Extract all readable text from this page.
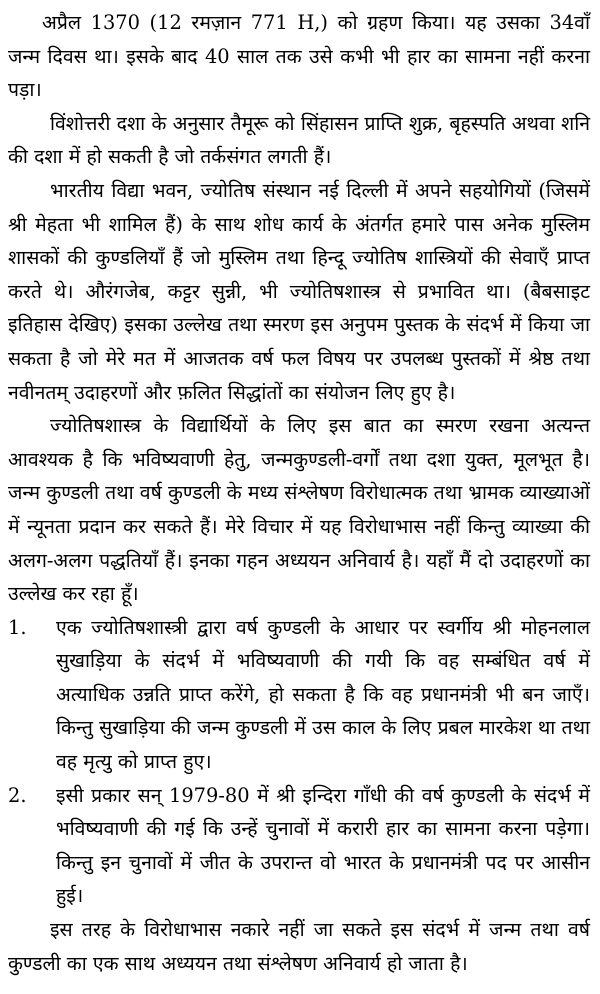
अप्रैल 1370 (12 रमज़ान 771 H,) को ग्रहण किया। यह उसका 34वाँ जन्म दिवस था। इसके बाद 40 साल तक उसे कभी भी हार का सामना नहीं करना पड़ा।

विंशोत्तरी दशा के अनुसार तैमूरू को सिंहासन प्राप्ति शुक्र, बृहस्पति अथवा शनि की दशा में हो सकती है जो तर्कसंगत लगती हैं।

भारतीय विद्या भवन, ज्योतिष संस्थान नई दिल्ली में अपने सहयोगियों (जिसमें श्री मेहता भी शामिल हैं) के साथ शोध कार्य के अंतर्गत हमारे पास अनेक मुस्लिम शासकों की कुण्डलियाँ हैं जो मुस्लिम तथा हिन्दू ज्योतिष शास्त्रियों की सेवाएँ प्राप्त करते थे। औरंगजेब, कट्टर सुन्नी, भी ज्योतिषशास्त्र से प्रभावित था। (बैबसाइट इतिहास देखिए) इसका उल्लेख तथा स्मरण इस अनुपम पुस्तक के संदर्भ में किया जा सकता है जो मेरे मत में आजतक वर्ष फल विषय पर उपलब्ध पुस्तकों में श्रेष्ठ तथा नवीनतम् उदाहरणों और फ़लित सिद्धांतों का संयोजन लिए हुए है।

ज्योतिषशास्त्र के विद्यार्थियों के लिए इस बात का स्मरण रखना अत्यन्त आवश्यक है कि भविष्यवाणी हेतु, जन्मकुण्डली-वर्गों तथा दशा युक्त, मूलभूत है। जन्म कुण्डली तथा वर्ष कुण्डली के मध्य संश्लेषण विरोधात्मक तथा भ्रामक व्याख्याओं में न्यूनता प्रदान कर सकते हैं। मेरे विचार में यह विरोधाभास नहीं किन्तु व्याख्या की अलग-अलग पद्धतियाँ हैं। इनका गहन अध्ययन अनिवार्य है। यहाँ मैं दो उदाहरणों का उल्लेख कर रहा हूँ।

1.	एक ज्योतिषशास्त्री द्वारा वर्ष कुण्डली के आधार पर स्वर्गीय श्री मोहनलाल सुखाड़िया के संदर्भ में भविष्यवाणी की गयी कि वह सम्बंधित वर्ष में अत्याधिक उन्नति प्राप्त करेंगे, हो सकता है कि वह प्रधानमंत्री भी बन जाएँ। किन्तु सुखाड़िया की जन्म कुण्डली में उस काल के लिए प्रबल मारकेश था तथा वह मृत्यु को प्राप्त हुए।

2.	इसी प्रकार सन् 1979-80 में श्री इन्दिरा गाँधी की वर्ष कुण्डली के संदर्भ में भविष्यवाणी की गई कि उन्हें चुनावों में करारी हार का सामना करना पड़ेगा। किन्तु इन चुनावों में जीत के उपरान्त वो भारत के प्रधानमंत्री पद पर आसीन हुई।

इस तरह के विरोधाभास नकारे नहीं जा सकते इस संदर्भ में जन्म तथा वर्ष कुण्डली का एक साथ अध्ययन तथा संश्लेषण अनिवार्य हो जाता है।
